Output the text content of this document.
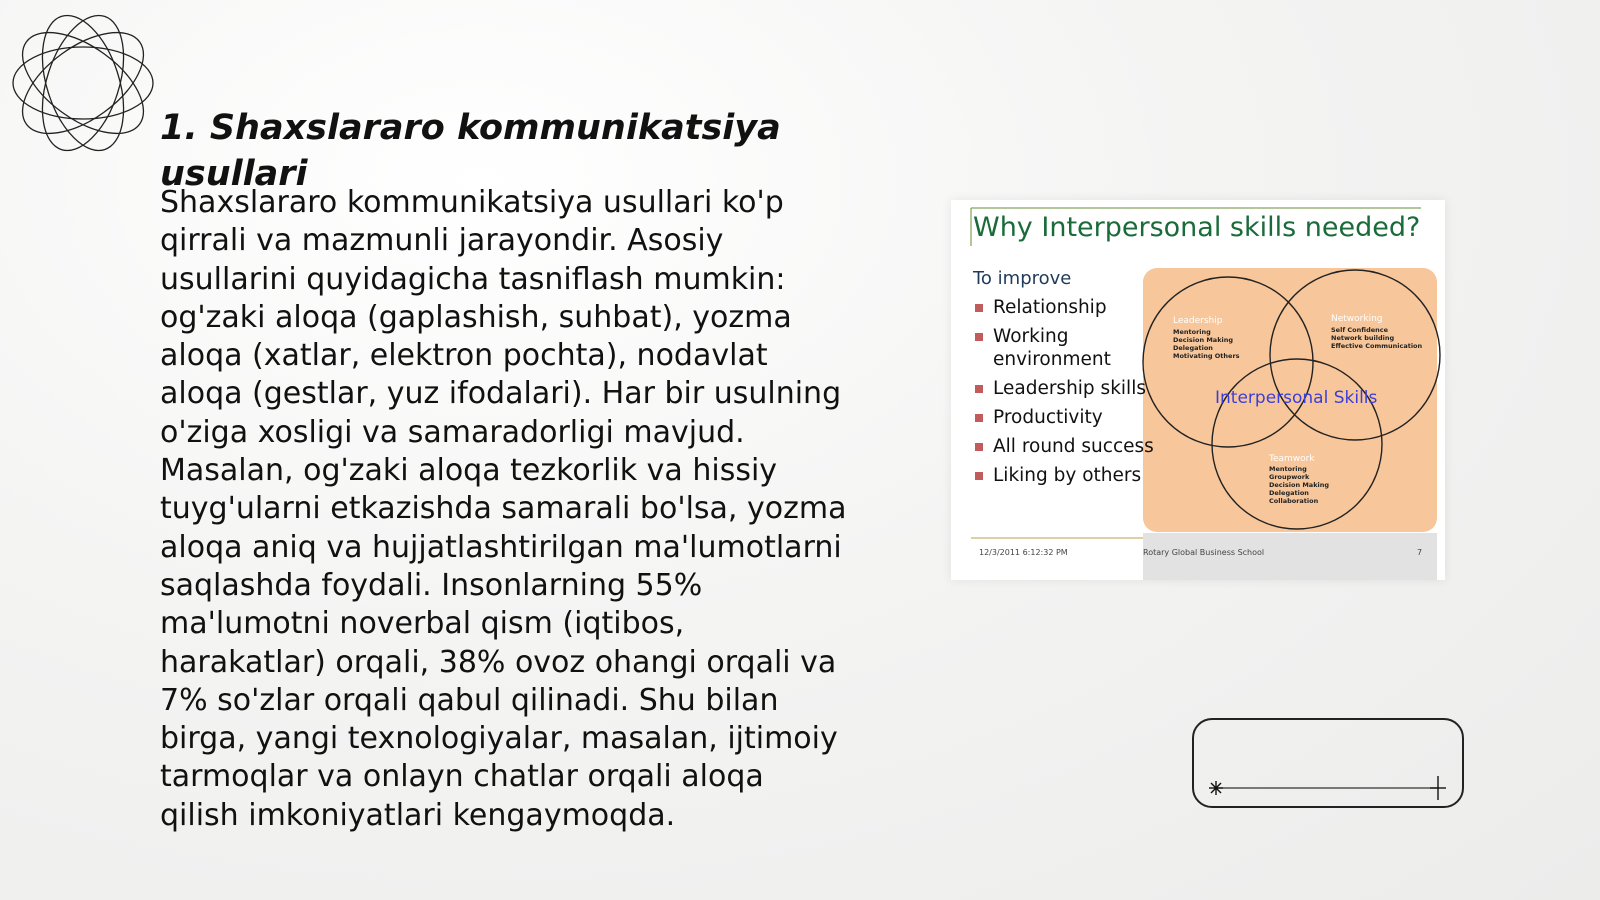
1. Shaxslararo kommunikatsiya usullari

Shaxslararo kommunikatsiya usullari ko'p qirrali va mazmunli jarayondir. Asosiy usullarini quyidagicha tasniflash mumkin: og'zaki aloqa (gaplashish, suhbat), yozma aloqa (xatlar, elektron pochta), nodavlat aloqa (gestlar, yuz ifodalari). Har bir usulning o'ziga xosligi va samaradorligi mavjud. Masalan, og'zaki aloqa tezkorlik va hissiy tuyg'ularni etkazishda samarali bo'lsa, yozma aloqa aniq va hujjatlashtirilgan ma'lumotlarni saqlashda foydali. Insonlarning 55% ma'lumotni noverbal qism (iqtibos, harakatlar) orqali, 38% ovoz ohangi orqali va 7% so'zlar orqali qabul qilinadi. Shu bilan birga, yangi texnologiyalar, masalan, ijtimoiy tarmoqlar va onlayn chatlar orqali aloqa qilish imkoniyatlari kengaymoqda.

Why Interpersonal skills needed?
To improve
Relationship
Working environment
Leadership skills
Productivity
All round success
Liking by others
Leadership
Mentoring
Decision Making
Delegation
Motivating Others
Networking
Self Confidence
Network building
Effective Communication
Teamwork
Mentoring
Groupwork
Decision Making
Delegation
Collaboration
Interpersonal Skills
12/3/2011 6:12:32 PM	Rotary Global Business School	7
